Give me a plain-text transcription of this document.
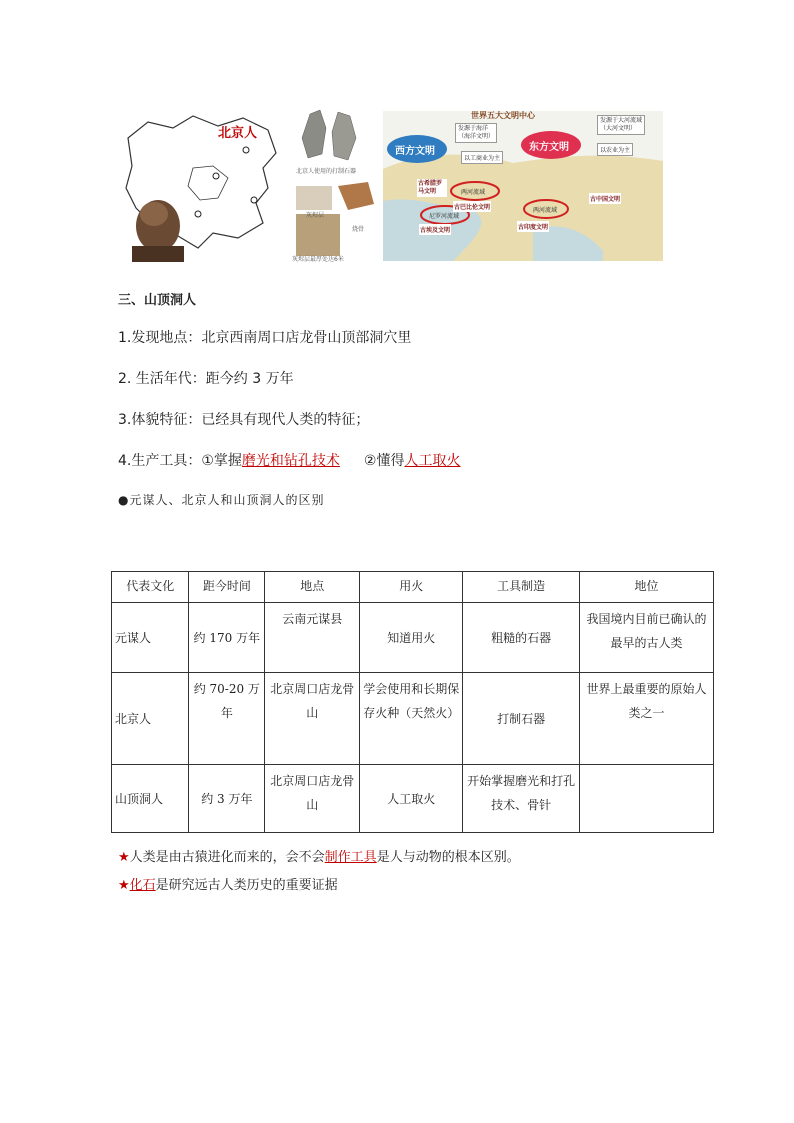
北京人
北京人使用的打制石器
灰烬层
烧骨
灰烬层最厚处达6米
世界五大文明中心
西方文明	东方文明
发源于海洋
（海洋文明）
以工商业为主
发源于大河流域
（大河文明）
以农业为主
古希腊罗马文明	两河流域
古巴比伦文明
尼罗河流域
古埃及文明
两河流域
古中国文明
古印度文明
三、山顶洞人
1.发现地点：北京西南周口店龙骨山顶部洞穴里
2. 生活年代：距今约 3 万年
3.体貌特征：已经具有现代人类的特征；
4.生产工具：①掌握磨光和钻孔技术 ②懂得人工取火
●元谋人、北京人和山顶洞人的区别
代表文化	距今时间	地点	用火	工具制造	地位
元谋人	约 170 万年	云南元谋县	知道用火	粗糙的石器	我国境内目前已确认的最早的古人类
北京人	约 70-20 万年	北京周口店龙骨山	学会使用和长期保存火种（天然火）	打制石器	世界上最重要的原始人类之一
山顶洞人	约 3 万年	北京周口店龙骨山	人工取火	开始掌握磨光和打孔技术、骨针	
★人类是由古猿进化而来的，会不会制作工具是人与动物的根本区别。
★化石是研究远古人类历史的重要证据
